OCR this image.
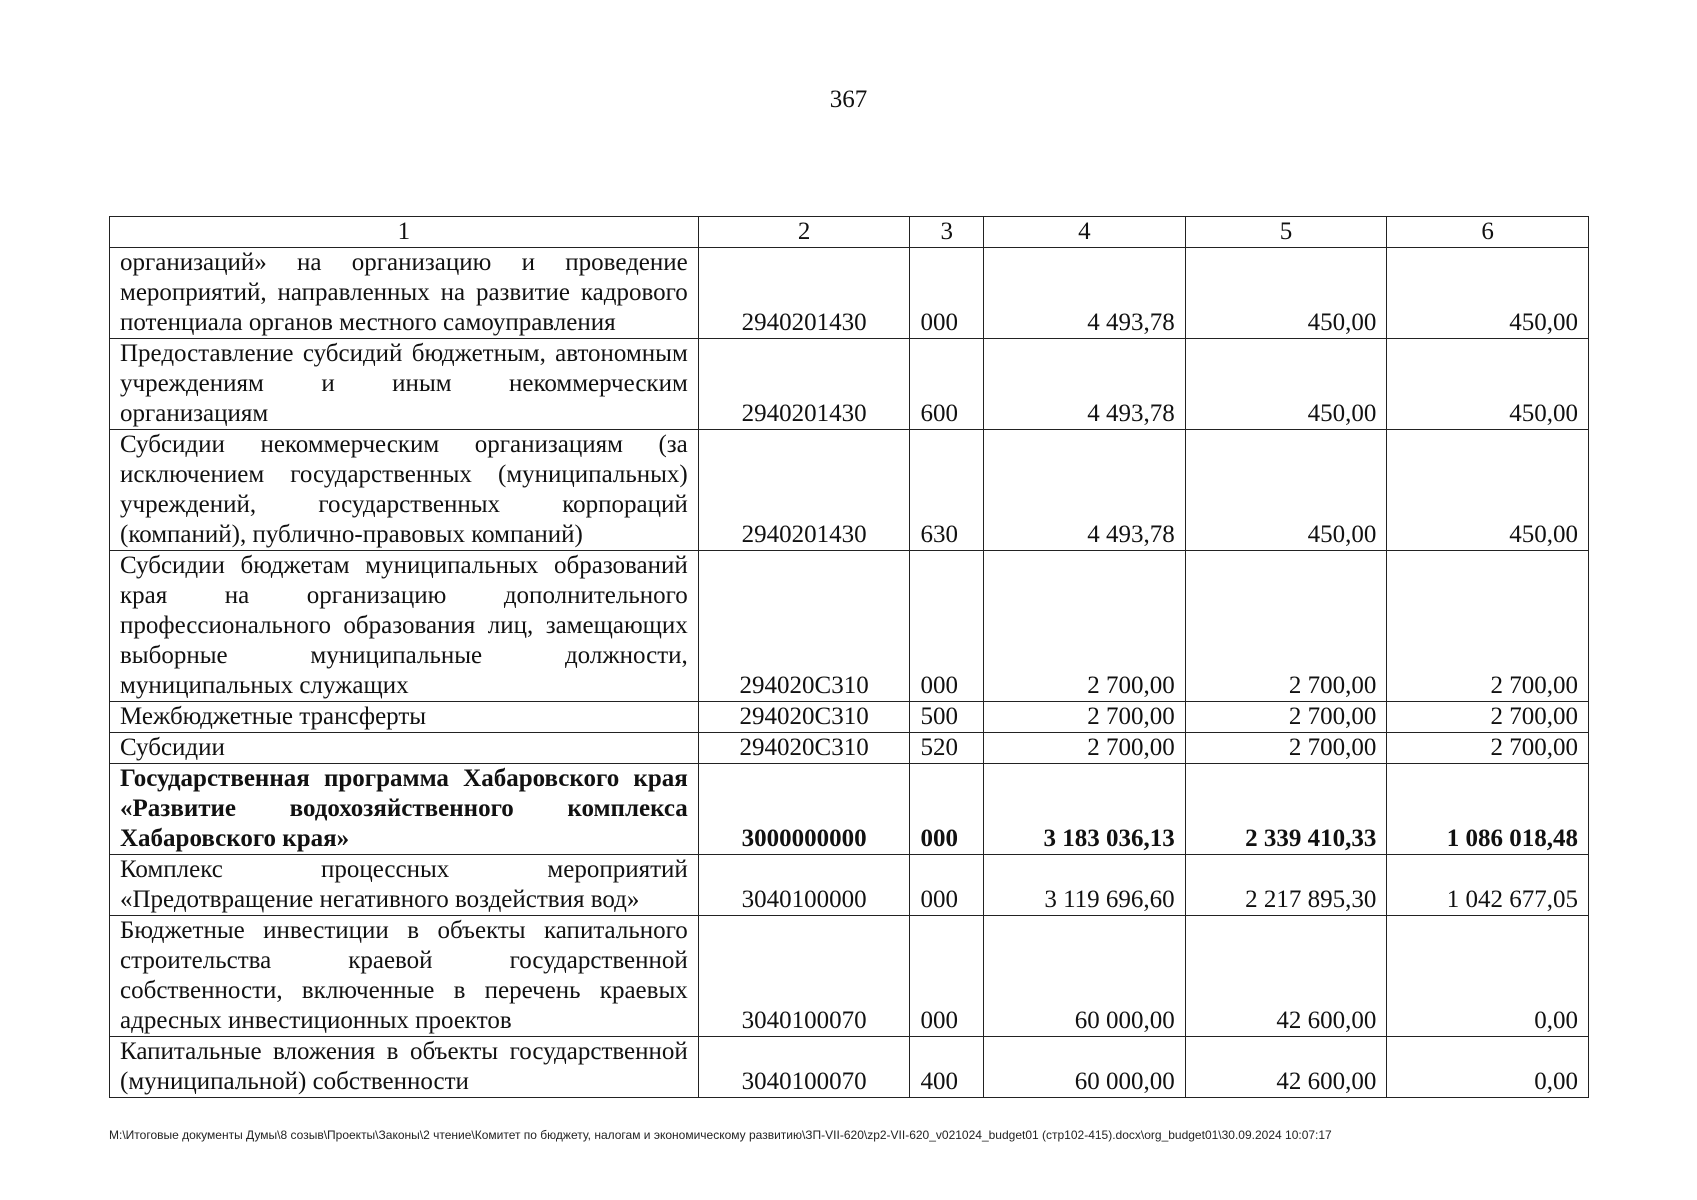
367
1	2	3	4	5	6
организаций» на организацию и проведение мероприятий, направленных на развитие кадрового потенциала органов местного самоуправления	2940201430	000	4 493,78	450,00	450,00
Предоставление субсидий бюджетным, автономным учреждениям и иным некоммерческим организациям	2940201430	600	4 493,78	450,00	450,00
Субсидии некоммерческим организациям (за исключением государственных (муниципальных) учреждений, государственных корпораций (компаний), публично-правовых компаний)	2940201430	630	4 493,78	450,00	450,00
Субсидии бюджетам муниципальных образований края на организацию дополнительного профессионального образования лиц, замещающих выборные муниципальные должности, муниципальных служащих	294020С310	000	2 700,00	2 700,00	2 700,00
Межбюджетные трансферты	294020С310	500	2 700,00	2 700,00	2 700,00
Субсидии	294020С310	520	2 700,00	2 700,00	2 700,00
Государственная программа Хабаровского края «Развитие водохозяйственного комплекса Хабаровского края»	3000000000	000	3 183 036,13	2 339 410,33	1 086 018,48
Комплекс процессных мероприятий «Предотвращение негативного воздействия вод»	3040100000	000	3 119 696,60	2 217 895,30	1 042 677,05
Бюджетные инвестиции в объекты капитального строительства краевой государственной собственности, включенные в перечень краевых адресных инвестиционных проектов	3040100070	000	60 000,00	42 600,00	0,00
Капитальные вложения в объекты государственной (муниципальной) собственности	3040100070	400	60 000,00	42 600,00	0,00
M:\Итоговые документы Думы\8 созыв\Проекты\Законы\2 чтение\Комитет по бюджету, налогам и экономическому развитию\ЗП-VII-620\zp2-VII-620_v021024_budget01 (стр102-415).docx\org_budget01\30.09.2024 10:07:17
